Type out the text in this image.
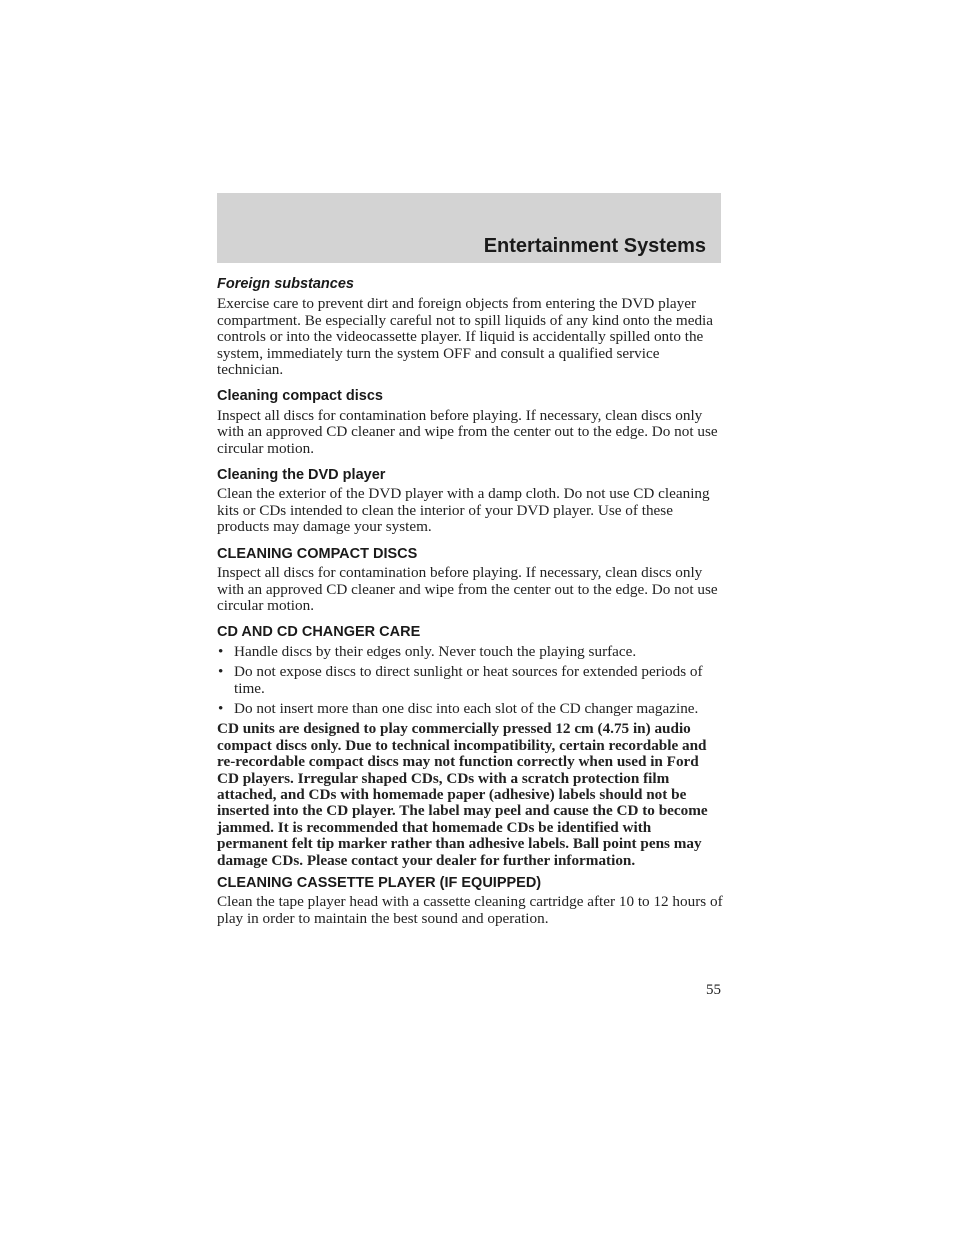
Entertainment Systems
Foreign substances

Exercise care to prevent dirt and foreign objects from entering the DVD player compartment. Be especially careful not to spill liquids of any kind onto the media controls or into the videocassette player. If liquid is accidentally spilled onto the system, immediately turn the system OFF and consult a qualified service technician.

Cleaning compact discs

Inspect all discs for contamination before playing. If necessary, clean discs only with an approved CD cleaner and wipe from the center out to the edge. Do not use circular motion.

Cleaning the DVD player

Clean the exterior of the DVD player with a damp cloth. Do not use CD cleaning kits or CDs intended to clean the interior of your DVD player. Use of these products may damage your system.

CLEANING COMPACT DISCS

Inspect all discs for contamination before playing. If necessary, clean discs only with an approved CD cleaner and wipe from the center out to the edge. Do not use circular motion.

CD AND CD CHANGER CARE
• Handle discs by their edges only. Never touch the playing surface.
• Do not expose discs to direct sunlight or heat sources for extended periods of time.
• Do not insert more than one disc into each slot of the CD changer magazine.

CD units are designed to play commercially pressed 12 cm (4.75 in) audio compact discs only. Due to technical incompatibility, certain recordable and re-recordable compact discs may not function correctly when used in Ford CD players. Irregular shaped CDs, CDs with a scratch protection film attached, and CDs with homemade paper (adhesive) labels should not be inserted into the CD player. The label may peel and cause the CD to become jammed. It is recommended that homemade CDs be identified with permanent felt tip marker rather than adhesive labels. Ball point pens may damage CDs. Please contact your dealer for further information.

CLEANING CASSETTE PLAYER (IF EQUIPPED)

Clean the tape player head with a cassette cleaning cartridge after 10 to 12 hours of play in order to maintain the best sound and operation.

55
